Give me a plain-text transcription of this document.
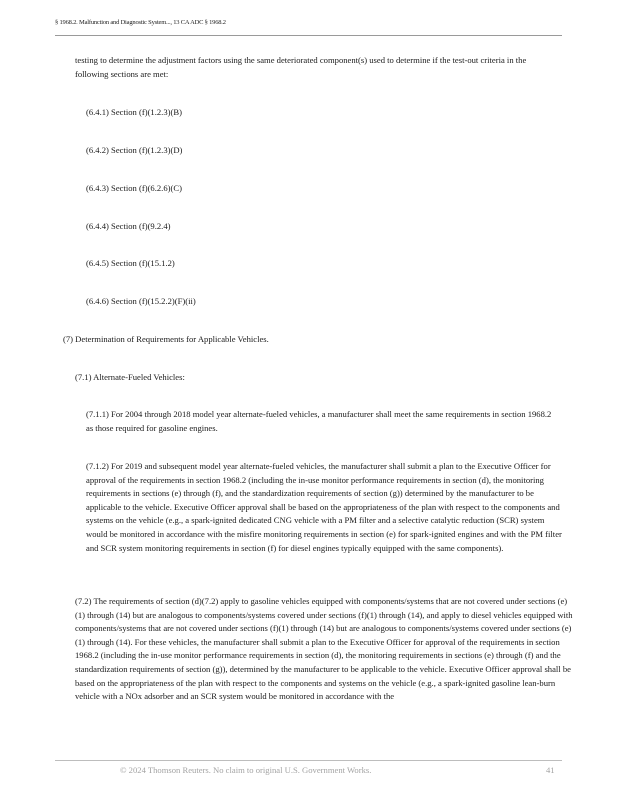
§ 1968.2. Malfunction and Diagnostic System..., 13 CA ADC § 1968.2

testing to determine the adjustment factors using the same deteriorated component(s) used to determine if the test-out criteria in the following sections are met:

(6.4.1) Section (f)(1.2.3)(B)

(6.4.2) Section (f)(1.2.3)(D)

(6.4.3) Section (f)(6.2.6)(C)

(6.4.4) Section (f)(9.2.4)

(6.4.5) Section (f)(15.1.2)

(6.4.6) Section (f)(15.2.2)(F)(ii)

(7) Determination of Requirements for Applicable Vehicles.

(7.1) Alternate-Fueled Vehicles:

(7.1.1) For 2004 through 2018 model year alternate-fueled vehicles, a manufacturer shall meet the same requirements in section 1968.2 as those required for gasoline engines.

(7.1.2) For 2019 and subsequent model year alternate-fueled vehicles, the manufacturer shall submit a plan to the Executive Officer for approval of the requirements in section 1968.2 (including the in-use monitor performance requirements in section (d), the monitoring requirements in sections (e) through (f), and the standardization requirements of section (g)) determined by the manufacturer to be applicable to the vehicle. Executive Officer approval shall be based on the appropriateness of the plan with respect to the components and systems on the vehicle (e.g., a spark-ignited dedicated CNG vehicle with a PM filter and a selective catalytic reduction (SCR) system would be monitored in accordance with the misfire monitoring requirements in section (e) for spark-ignited engines and with the PM filter and SCR system monitoring requirements in section (f) for diesel engines typically equipped with the same components).

(7.2) The requirements of section (d)(7.2) apply to gasoline vehicles equipped with components/systems that are not covered under sections (e)(1) through (14) but are analogous to components/systems covered under sections (f)(1) through (14), and apply to diesel vehicles equipped with components/systems that are not covered under sections (f)(1) through (14) but are analogous to components/systems covered under sections (e)(1) through (14). For these vehicles, the manufacturer shall submit a plan to the Executive Officer for approval of the requirements in section 1968.2 (including the in-use monitor performance requirements in section (d), the monitoring requirements in sections (e) through (f) and the standardization requirements of section (g)), determined by the manufacturer to be applicable to the vehicle. Executive Officer approval shall be based on the appropriateness of the plan with respect to the components and systems on the vehicle (e.g., a spark-ignited gasoline lean-burn vehicle with a NOx adsorber and an SCR system would be monitored in accordance with the

© 2024 Thomson Reuters. No claim to original U.S. Government Works.	41
